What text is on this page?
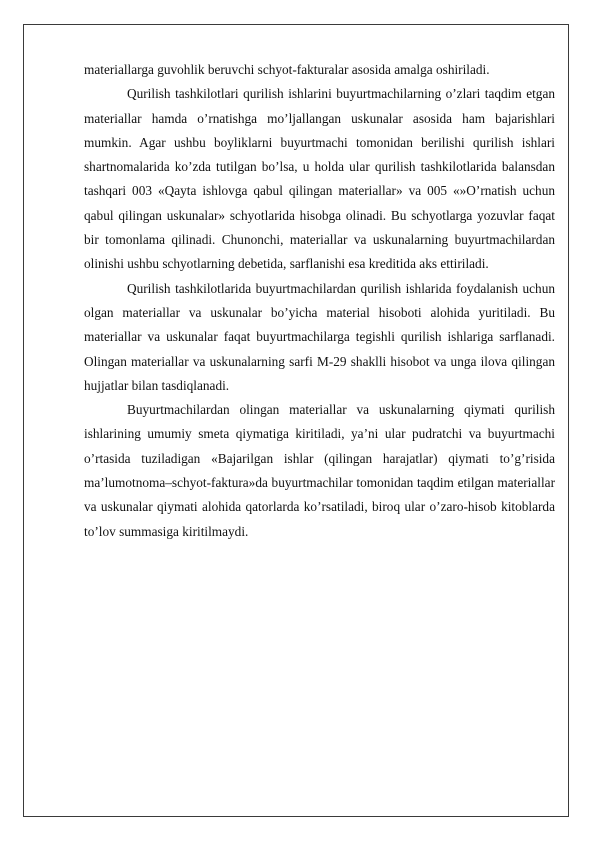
materiallarga guvohlik beruvchi schyot-fakturalar asosida amalga oshiriladi.

Qurilish tashkilotlari qurilish ishlarini buyurtmachilarning o’zlari taqdim etgan materiallar hamda o’rnatishga mo’ljallangan uskunalar asosida ham bajarishlari mumkin. Agar ushbu boyliklarni buyurtmachi tomonidan berilishi qurilish ishlari shartnomalarida ko’zda tutilgan bo’lsa, u holda ular qurilish tashkilotlarida balansdan tashqari 003 «Qayta ishlovga qabul qilingan materiallar» va 005 «»O’rnatish uchun qabul qilingan uskunalar» schyotlarida hisobga olinadi. Bu schyotlarga yozuvlar faqat bir tomonlama qilinadi. Chunonchi, materiallar va uskunalarning buyurtmachilardan olinishi ushbu schyotlarning debetida, sarflanishi esa kreditida aks ettiriladi.

Qurilish tashkilotlarida buyurtmachilardan qurilish ishlarida foydalanish uchun olgan materiallar va uskunalar bo’yicha material hisoboti alohida yuritiladi. Bu materiallar va uskunalar faqat buyurtmachilarga tegishli qurilish ishlariga sarflanadi. Olingan materiallar va uskunalarning sarfi M-29 shaklli hisobot va unga ilova qilingan hujjatlar bilan tasdiqlanadi.

Buyurtmachilardan olingan materiallar va uskunalarning qiymati qurilish ishlarining umumiy smeta qiymatiga kiritiladi, ya’ni ular pudratchi va buyurtmachi o’rtasida tuziladigan «Bajarilgan ishlar (qilingan harajatlar) qiymati to’g’risida ma’lumotnoma–schyot-faktura»da buyurtmachilar tomonidan taqdim etilgan materiallar va uskunalar qiymati alohida qatorlarda ko’rsatiladi, biroq ular o’zaro-hisob kitoblarda to’lov summasiga kiritilmaydi.
